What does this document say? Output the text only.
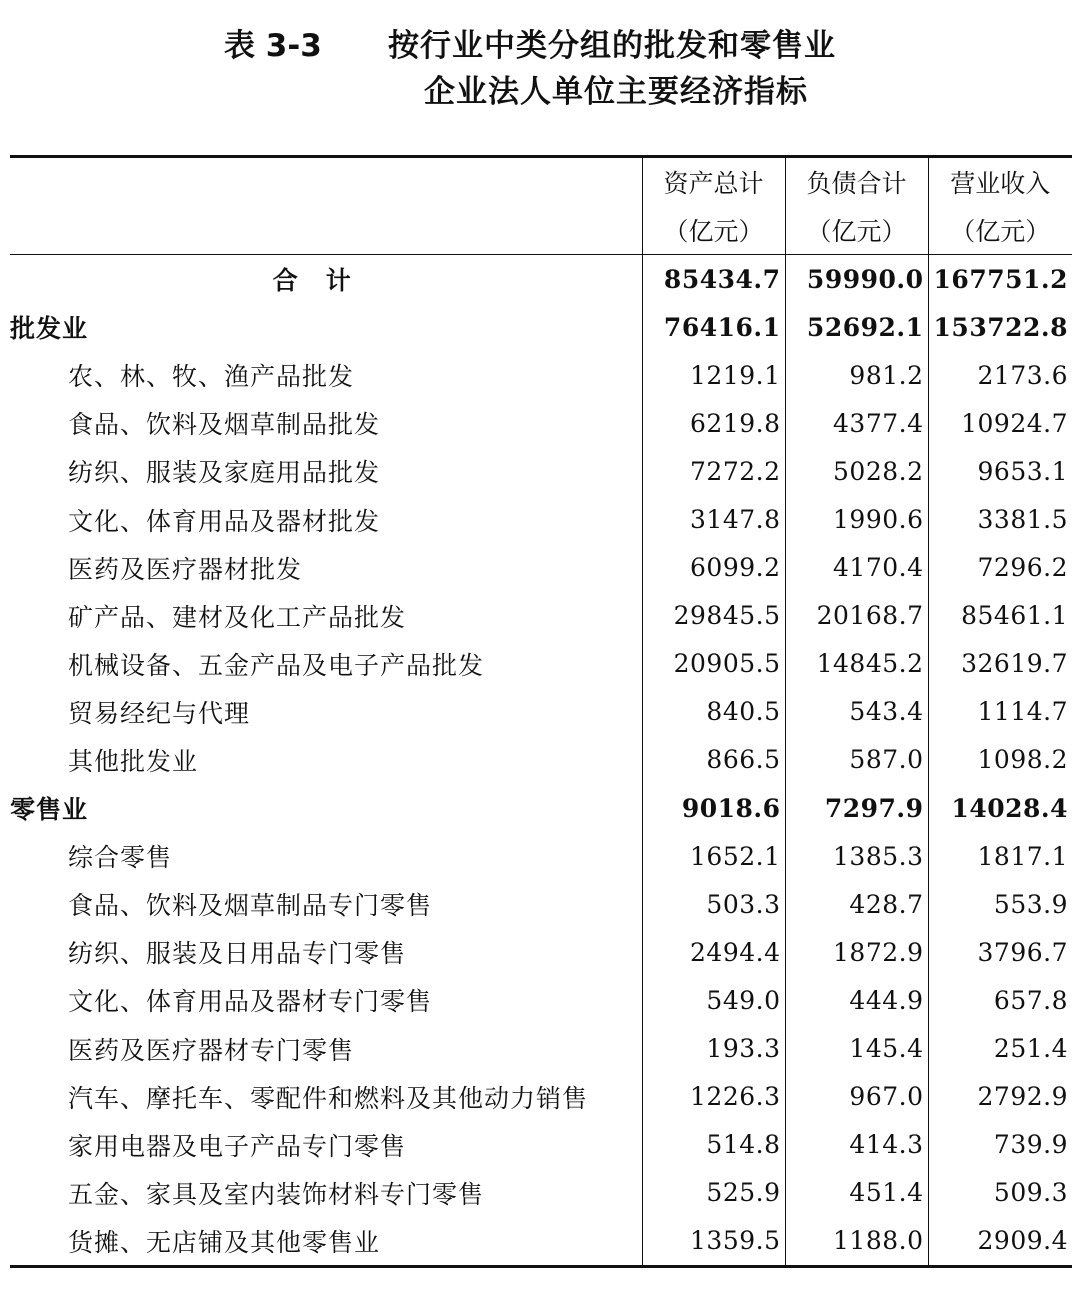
表 3-3 按行业中类分组的批发和零售业
企业法人单位主要经济指标
	资产总计	负债合计	营业收入
	（亿元）	（亿元）	（亿元）
合计	85434.7	59990.0	167751.2
批发业	76416.1	52692.1	153722.8
农、林、牧、渔产品批发	1219.1	981.2	2173.6
食品、饮料及烟草制品批发	6219.8	4377.4	10924.7
纺织、服装及家庭用品批发	7272.2	5028.2	9653.1
文化、体育用品及器材批发	3147.8	1990.6	3381.5
医药及医疗器材批发	6099.2	4170.4	7296.2
矿产品、建材及化工产品批发	29845.5	20168.7	85461.1
机械设备、五金产品及电子产品批发	20905.5	14845.2	32619.7
贸易经纪与代理	840.5	543.4	1114.7
其他批发业	866.5	587.0	1098.2
零售业	9018.6	7297.9	14028.4
综合零售	1652.1	1385.3	1817.1
食品、饮料及烟草制品专门零售	503.3	428.7	553.9
纺织、服装及日用品专门零售	2494.4	1872.9	3796.7
文化、体育用品及器材专门零售	549.0	444.9	657.8
医药及医疗器材专门零售	193.3	145.4	251.4
汽车、摩托车、零配件和燃料及其他动力销售	1226.3	967.0	2792.9
家用电器及电子产品专门零售	514.8	414.3	739.9
五金、家具及室内装饰材料专门零售	525.9	451.4	509.3
货摊、无店铺及其他零售业	1359.5	1188.0	2909.4
